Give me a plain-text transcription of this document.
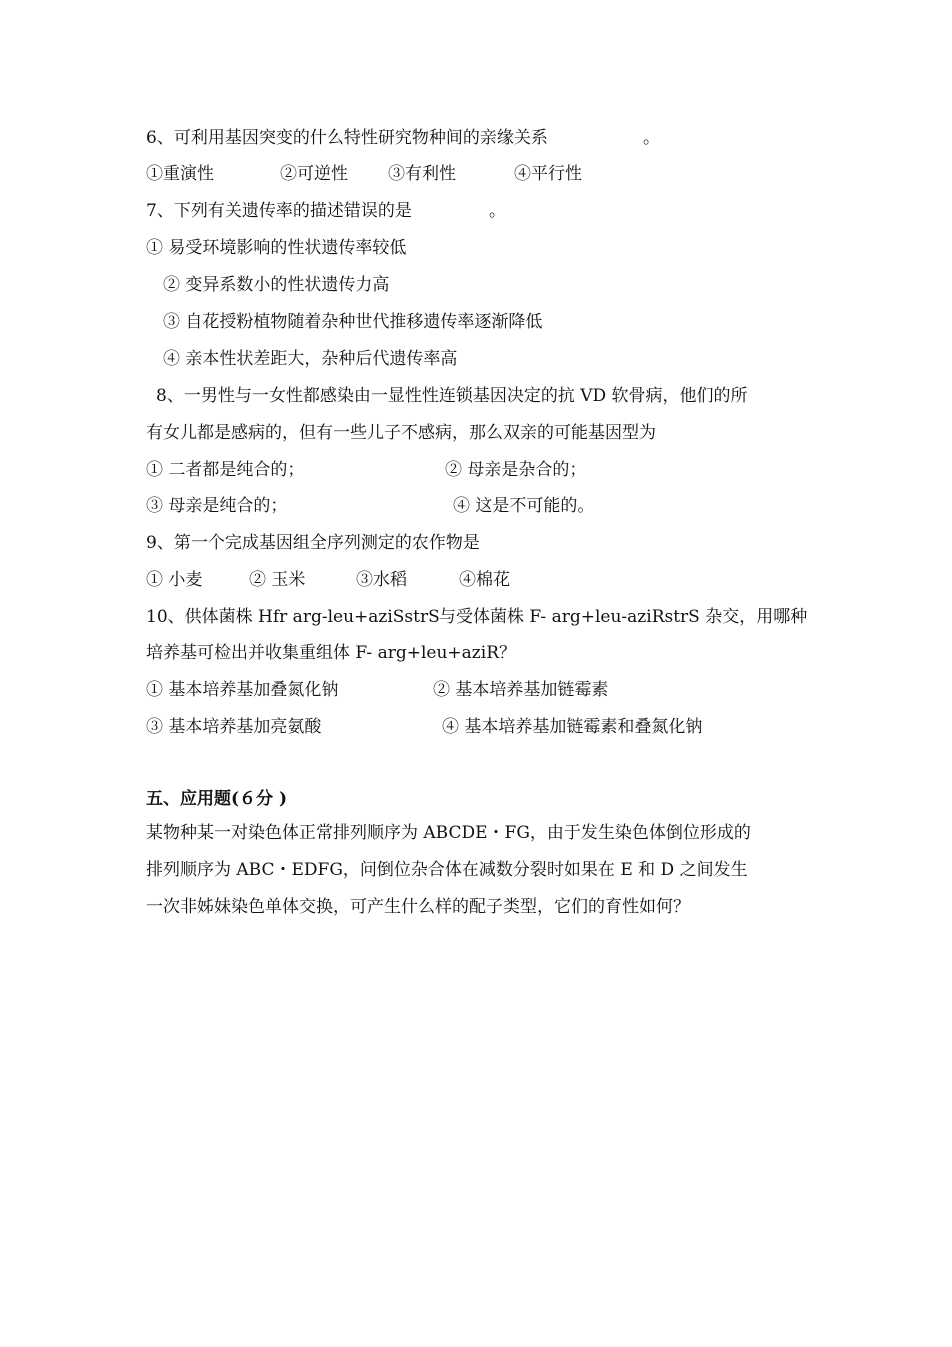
6、可利用基因突变的什么特性研究物种间的亲缘关系	。
①重演性	②可逆性 ③有利性	④平行性
7、下列有关遗传率的描述错误的是	。
① 易受环境影响的性状遗传率较低
② 变异系数小的性状遗传力高
③ 自花授粉植物随着杂种世代推移遗传率逐渐降低
④ 亲本性状差距大，杂种后代遗传率高
8、一男性与一女性都感染由一显性性连锁基因决定的抗 VD 软骨病，他们的所
有女儿都是感病的，但有一些儿子不感病，那么双亲的可能基因型为
① 二者都是纯合的；	② 母亲是杂合的；
③ 母亲是纯合的；	④ 这是不可能的。
9、第一个完成基因组全序列测定的农作物是
① 小麦	② 玉米	③水稻	④棉花
10、供体菌株 Hfr arg-leu+aziSstrS 与受体菌株 F- arg+leu-aziRstrS 杂交，用哪种
培养基可检出并收集重组体 F- arg+leu+aziR？
① 基本培养基加叠氮化钠	② 基本培养基加链霉素
③ 基本培养基加亮氨酸	④ 基本培养基加链霉素和叠氮化钠
五、应用题(６分 )
某物种某一对染色体正常排列顺序为 ABCDE・FG，由于发生染色体倒位形成的
排列顺序为 ABC・EDFG，问倒位杂合体在减数分裂时如果在 E 和 D 之间发生
一次非姊妹染色单体交换，可产生什么样的配子类型，它们的育性如何？
